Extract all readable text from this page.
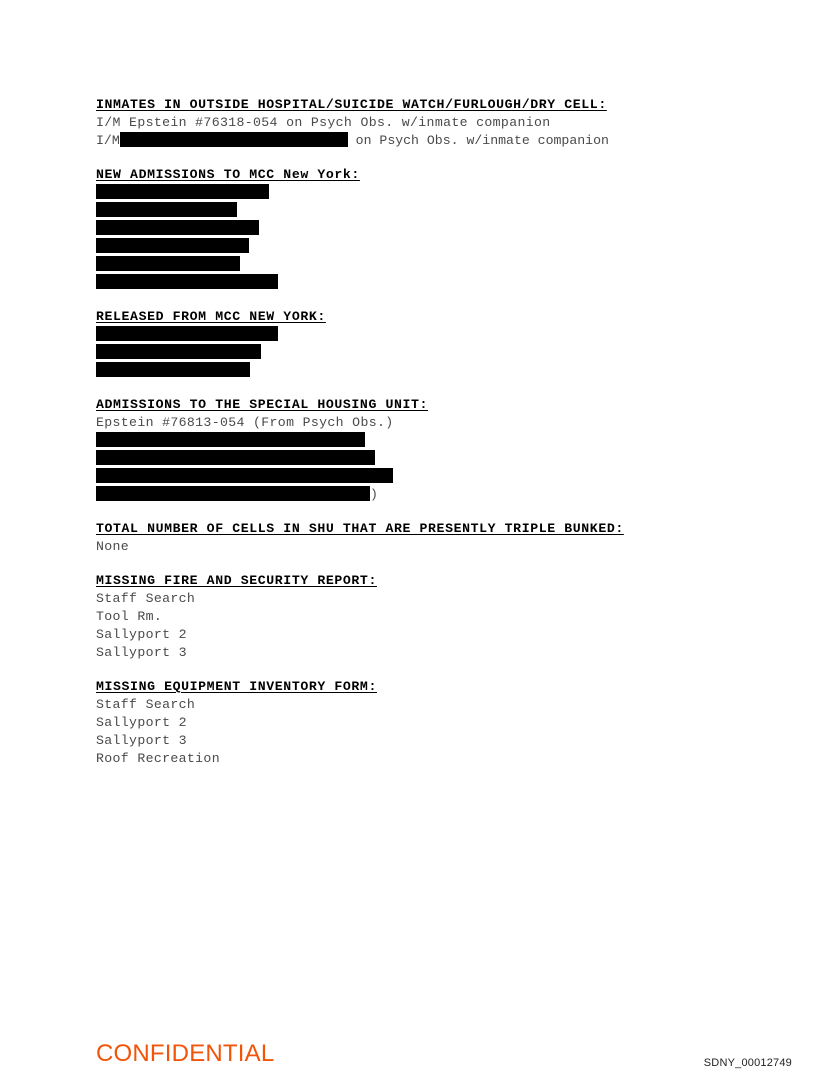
INMATES IN OUTSIDE HOSPITAL/SUICIDE WATCH/FURLOUGH/DRY CELL:
I/M Epstein #76318-054 on Psych Obs. w/inmate companion
I/M	on Psych Obs. w/inmate companion
NEW ADMISSIONS TO MCC New York:
RELEASED FROM MCC NEW YORK:
ADMISSIONS TO THE SPECIAL HOUSING UNIT:
Epstein #76813-054 (From Psych Obs.)
)
TOTAL NUMBER OF CELLS IN SHU THAT ARE PRESENTLY TRIPLE BUNKED:
None
MISSING FIRE AND SECURITY REPORT:
Staff Search
Tool Rm.
Sallyport 2
Sallyport 3
MISSING EQUIPMENT INVENTORY FORM:
Staff Search
Sallyport 2
Sallyport 3
Roof Recreation
CONFIDENTIAL	SDNY_00012749
